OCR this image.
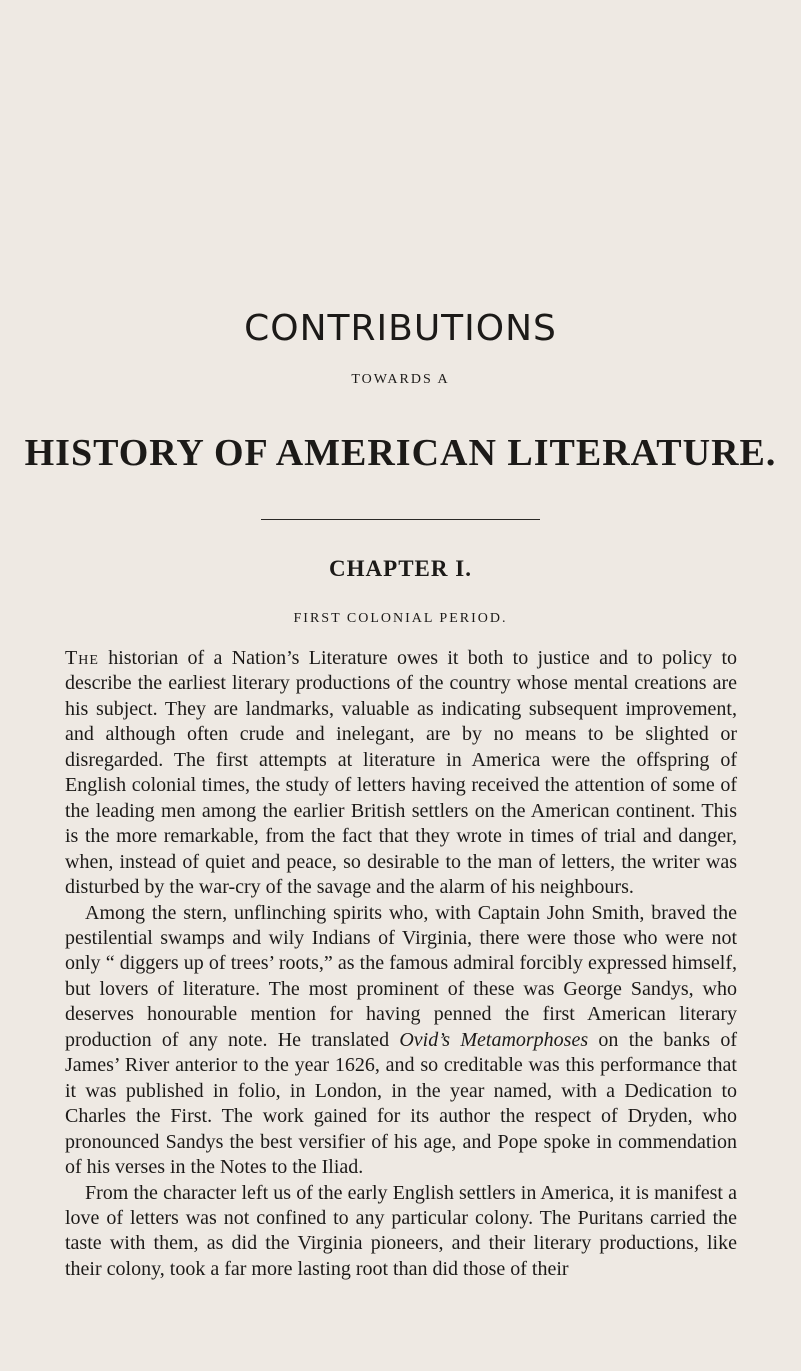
CONTRIBUTIONS
TOWARDS A
HISTORY OF AMERICAN LITERATURE.
CHAPTER I.
FIRST COLONIAL PERIOD.

The historian of a Nation’s Literature owes it both to justice and to policy to describe the earliest literary productions of the country whose mental creations are his subject. They are landmarks, valuable as indicating subsequent improvement, and although often crude and inelegant, are by no means to be slighted or disregarded. The first attempts at literature in America were the offspring of English colonial times, the study of letters having received the attention of some of the leading men among the earlier British settlers on the American continent. This is the more remarkable, from the fact that they wrote in times of trial and danger, when, instead of quiet and peace, so desirable to the man of letters, the writer was disturbed by the war-cry of the savage and the alarm of his neighbours.

Among the stern, unflinching spirits who, with Captain John Smith, braved the pestilential swamps and wily Indians of Virginia, there were those who were not only “ diggers up of trees’ roots,” as the famous admiral forcibly expressed himself, but lovers of literature. The most prominent of these was George Sandys, who deserves honourable mention for having penned the first American literary production of any note. He translated Ovid’s Metamorphoses on the banks of James’ River anterior to the year 1626, and so creditable was this performance that it was published in folio, in London, in the year named, with a Dedication to Charles the First. The work gained for its author the respect of Dryden, who pronounced Sandys the best versifier of his age, and Pope spoke in commendation of his verses in the Notes to the Iliad.

From the character left us of the early English settlers in America, it is manifest a love of letters was not confined to any particular colony. The Puritans carried the taste with them, as did the Virginia pioneers, and their literary productions, like their colony, took a far more lasting root than did those of their
